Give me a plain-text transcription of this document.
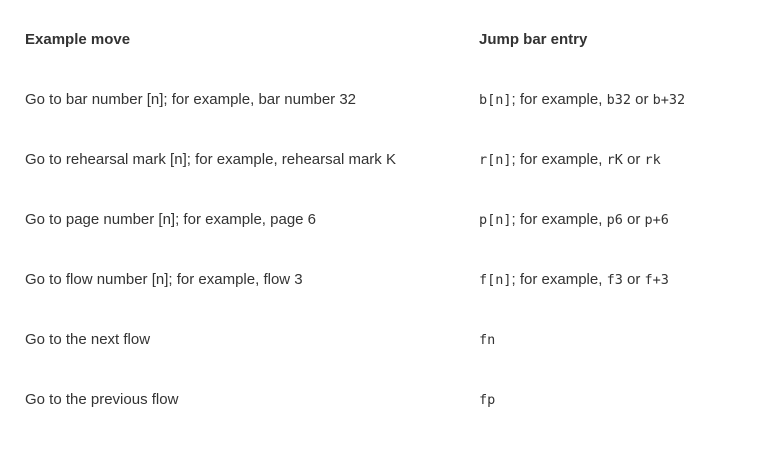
Example move	Jump bar entry
Go to bar number [n]; for example, bar number 32	b[n]; for example, b32 or b+32
Go to rehearsal mark [n]; for example, rehearsal mark K	r[n]; for example, rK or rk
Go to page number [n]; for example, page 6	p[n]; for example, p6 or p+6
Go to flow number [n]; for example, flow 3	f[n]; for example, f3 or f+3
Go to the next flow	fn
Go to the previous flow	fp
